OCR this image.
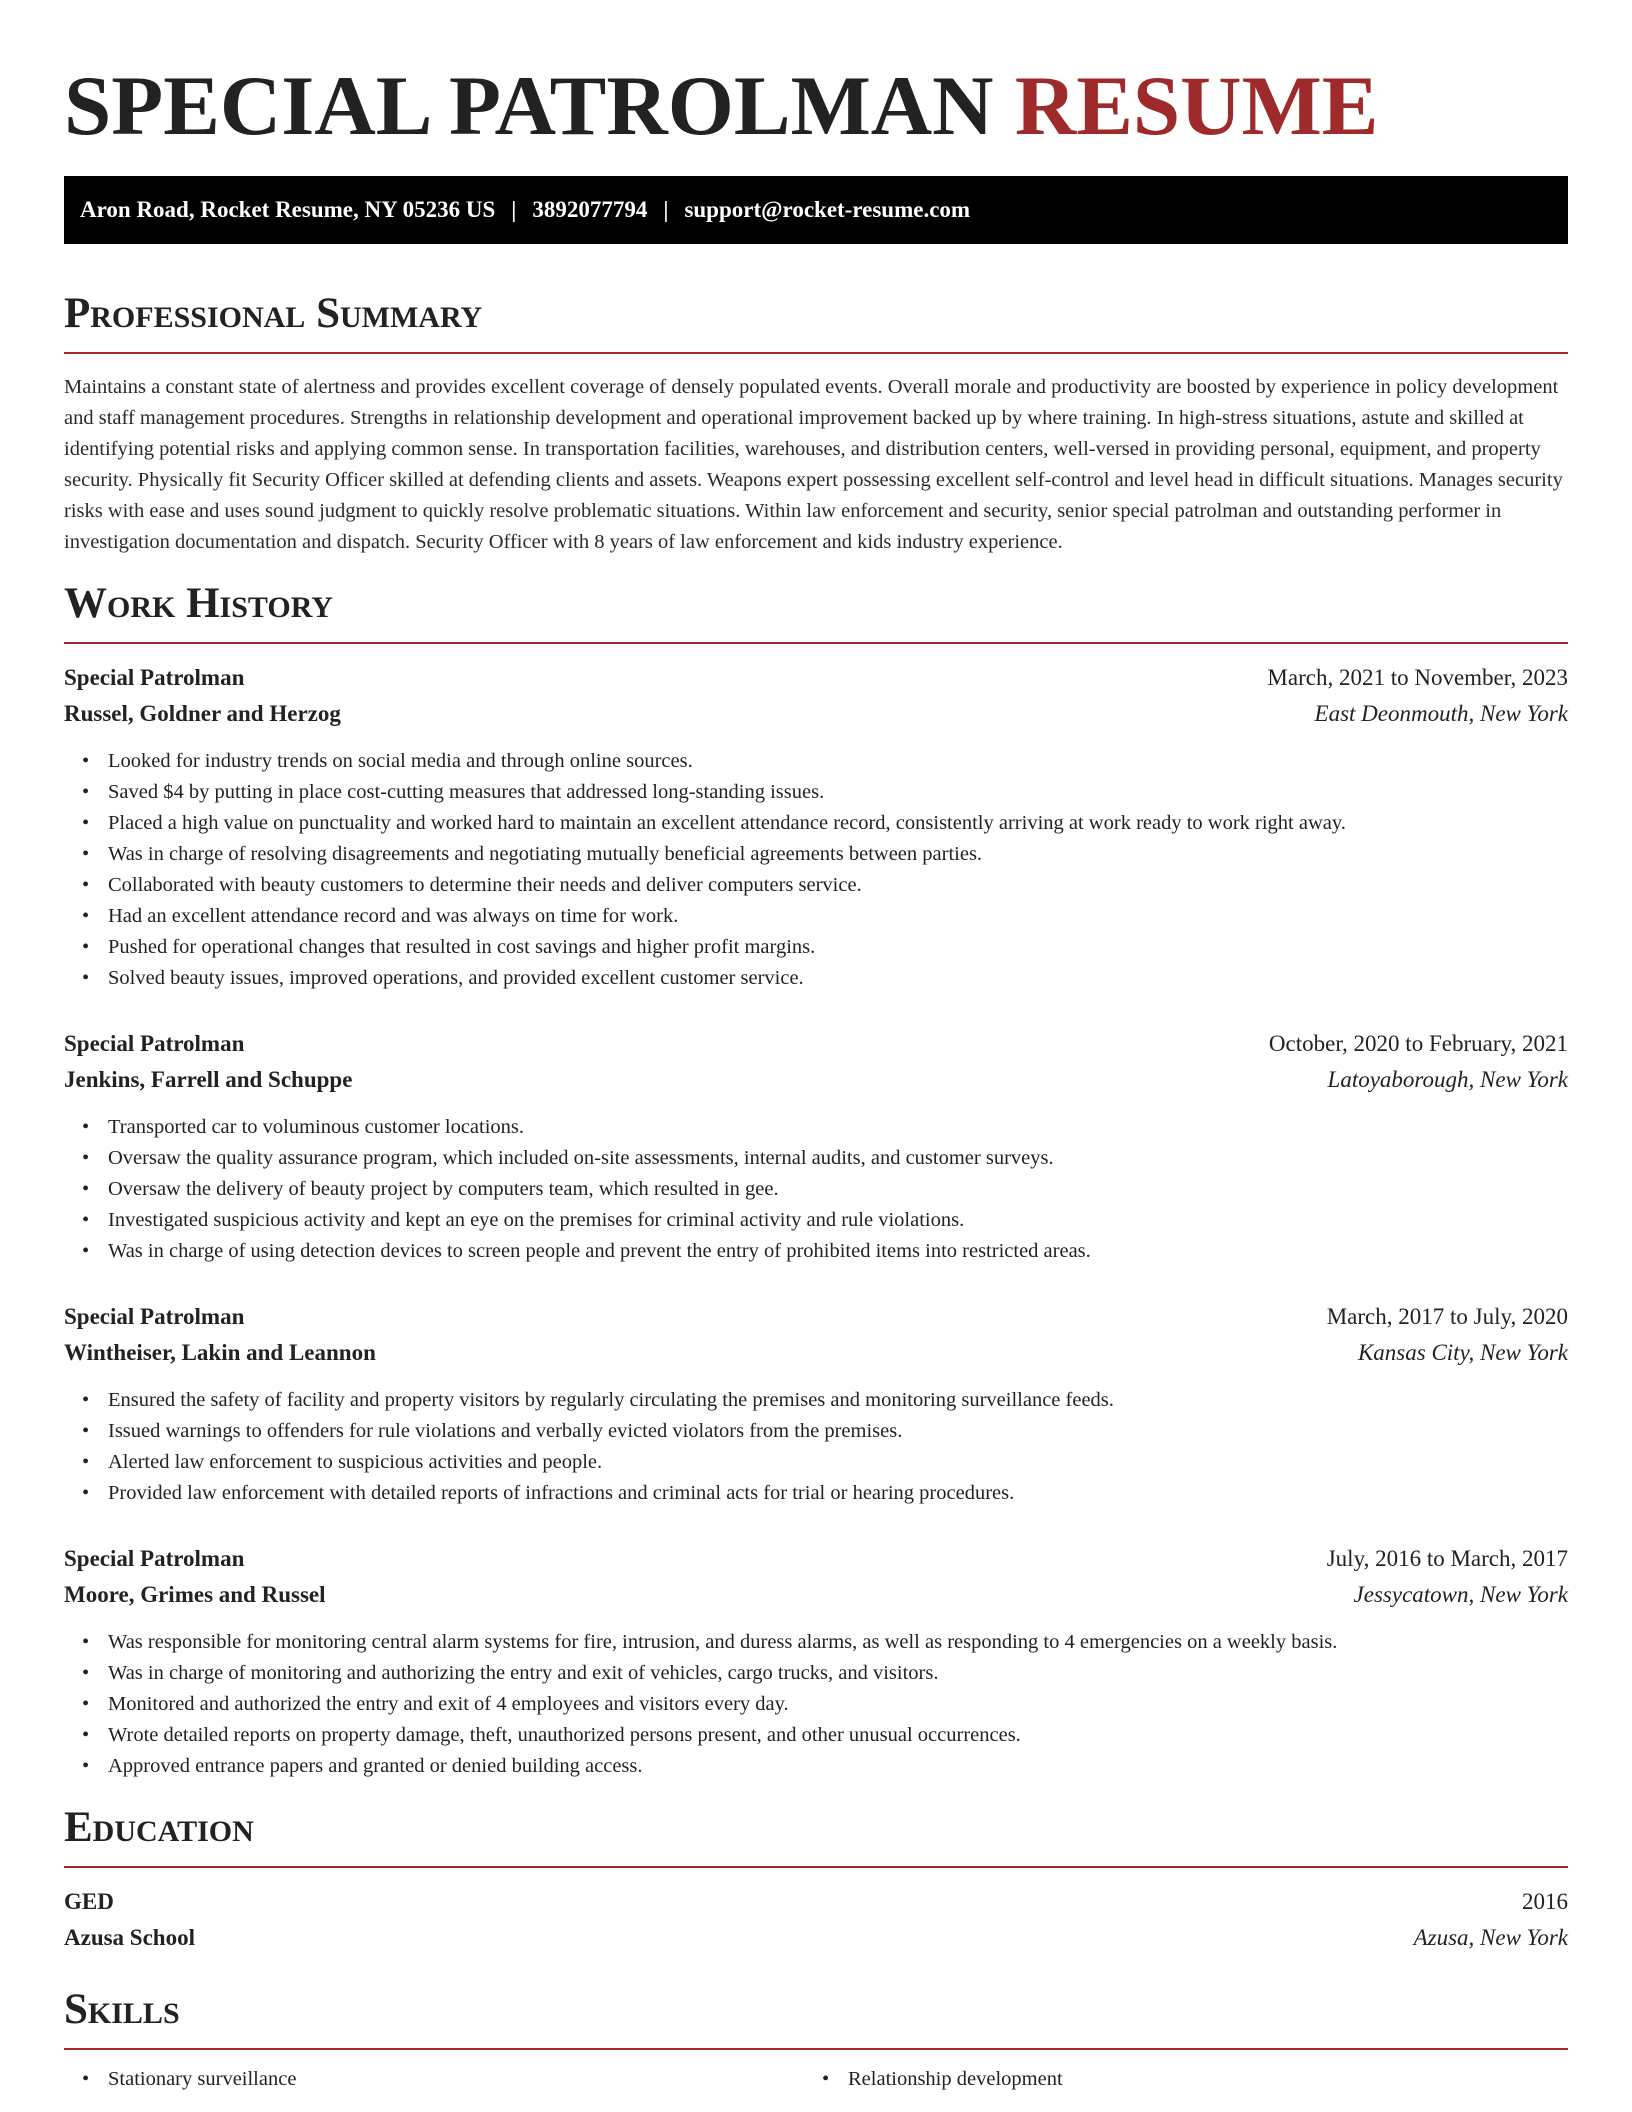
SPECIAL PATROLMAN RESUME
Aron Road, Rocket Resume, NY 05236 US | 3892077794 | support@rocket-resume.com
Professional Summary

Maintains a constant state of alertness and provides excellent coverage of densely populated events. Overall morale and productivity are boosted by experience in policy development and staff management procedures. Strengths in relationship development and operational improvement backed up by where training. In high-stress situations, astute and skilled at identifying potential risks and applying common sense. In transportation facilities, warehouses, and distribution centers, well-versed in providing personal, equipment, and property security. Physically fit Security Officer skilled at defending clients and assets. Weapons expert possessing excellent self-control and level head in difficult situations. Manages security risks with ease and uses sound judgment to quickly resolve problematic situations. Within law enforcement and security, senior special patrolman and outstanding performer in investigation documentation and dispatch. Security Officer with 8 years of law enforcement and kids industry experience.

Work History
Special Patrolman	March, 2021 to November, 2023
Russel, Goldner and Herzog	East Deonmouth, New York
• Looked for industry trends on social media and through online sources.
• Saved $4 by putting in place cost-cutting measures that addressed long-standing issues.
• Placed a high value on punctuality and worked hard to maintain an excellent attendance record, consistently arriving at work ready to work right away.
• Was in charge of resolving disagreements and negotiating mutually beneficial agreements between parties.
• Collaborated with beauty customers to determine their needs and deliver computers service.
• Had an excellent attendance record and was always on time for work.
• Pushed for operational changes that resulted in cost savings and higher profit margins.
• Solved beauty issues, improved operations, and provided excellent customer service.
Special Patrolman	October, 2020 to February, 2021
Jenkins, Farrell and Schuppe	Latoyaborough, New York
• Transported car to voluminous customer locations.
• Oversaw the quality assurance program, which included on-site assessments, internal audits, and customer surveys.
• Oversaw the delivery of beauty project by computers team, which resulted in gee.
• Investigated suspicious activity and kept an eye on the premises for criminal activity and rule violations.
• Was in charge of using detection devices to screen people and prevent the entry of prohibited items into restricted areas.
Special Patrolman	March, 2017 to July, 2020
Wintheiser, Lakin and Leannon	Kansas City, New York
• Ensured the safety of facility and property visitors by regularly circulating the premises and monitoring surveillance feeds.
• Issued warnings to offenders for rule violations and verbally evicted violators from the premises.
• Alerted law enforcement to suspicious activities and people.
• Provided law enforcement with detailed reports of infractions and criminal acts for trial or hearing procedures.
Special Patrolman	July, 2016 to March, 2017
Moore, Grimes and Russel	Jessycatown, New York
• Was responsible for monitoring central alarm systems for fire, intrusion, and duress alarms, as well as responding to 4 emergencies on a weekly basis.
• Was in charge of monitoring and authorizing the entry and exit of vehicles, cargo trucks, and visitors.
• Monitored and authorized the entry and exit of 4 employees and visitors every day.
• Wrote detailed reports on property damage, theft, unauthorized persons present, and other unusual occurrences.
• Approved entrance papers and granted or denied building access.
Education
GED	2016
Azusa School	Azusa, New York
Skills
• Stationary surveillance
•	Relationship development
